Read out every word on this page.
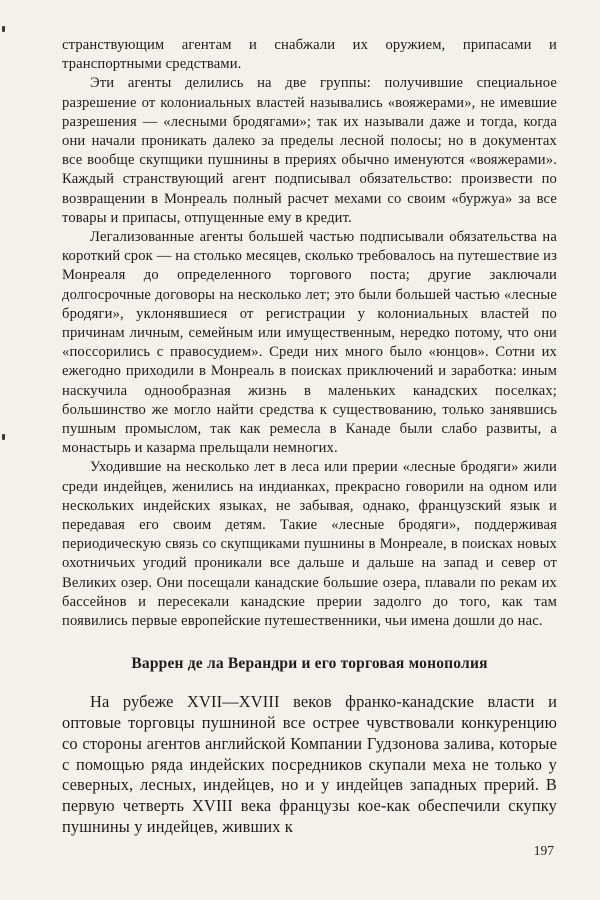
странствующим агентам и снабжали их оружием, припасами и транспортными средствами.

Эти агенты делились на две группы: получившие специальное разрешение от колониальных властей назывались «вояжерами», не имевшие разрешения — «лесными бродягами»; так их называли даже и тогда, когда они начали проникать далеко за пределы лесной полосы; но в документах все вообще скупщики пушнины в прериях обычно именуются «вояжерами». Каждый странствующий агент подписывал обязательство: произвести по возвращении в Монреаль полный расчет мехами со своим «буржуа» за все товары и припасы, отпущенные ему в кредит.

Легализованные агенты большей частью подписывали обязательства на короткий срок — на столько месяцев, сколько требовалось на путешествие из Монреаля до определенного торгового поста; другие заключали долгосрочные договоры на несколько лет; это были большей частью «лесные бродяги», уклонявшиеся от регистрации у колониальных властей по причинам личным, семейным или имущественным, нередко потому, что они «поссорились с правосудием». Среди них много было «юнцов». Сотни их ежегодно приходили в Монреаль в поисках приключений и заработка: иным наскучила однообразная жизнь в маленьких канадских поселках; большинство же могло найти средства к существованию, только занявшись пушным промыслом, так как ремесла в Канаде были слабо развиты, а монастырь и казарма прельщали немногих.

Уходившие на несколько лет в леса или прерии «лесные бродяги» жили среди индейцев, женились на индианках, прекрасно говорили на одном или нескольких индейских языках, не забывая, однако, французский язык и передавая его своим детям. Такие «лесные бродяги», поддерживая периодическую связь со скупщиками пушнины в Монреале, в поисках новых охотничьих угодий проникали все дальше и дальше на запад и север от Великих озер. Они посещали канадские большие озера, плавали по рекам их бассейнов и пересекали канадские прерии задолго до того, как там появились первые европейские путешественники, чьи имена дошли до нас.

Варрен де ла Верандри и его торговая монополия

На рубеже XVII—XVIII веков франко-канадские власти и оптовые торговцы пушниной все острее чувствовали конкуренцию со стороны агентов английской Компании Гудзонова залива, которые с помощью ряда индейских посредников скупали меха не только у северных, лесных, индейцев, но и у индейцев западных прерий. В первую четверть XVIII века французы кое-как обеспечили скупку пушнины у индейцев, живших к

197
